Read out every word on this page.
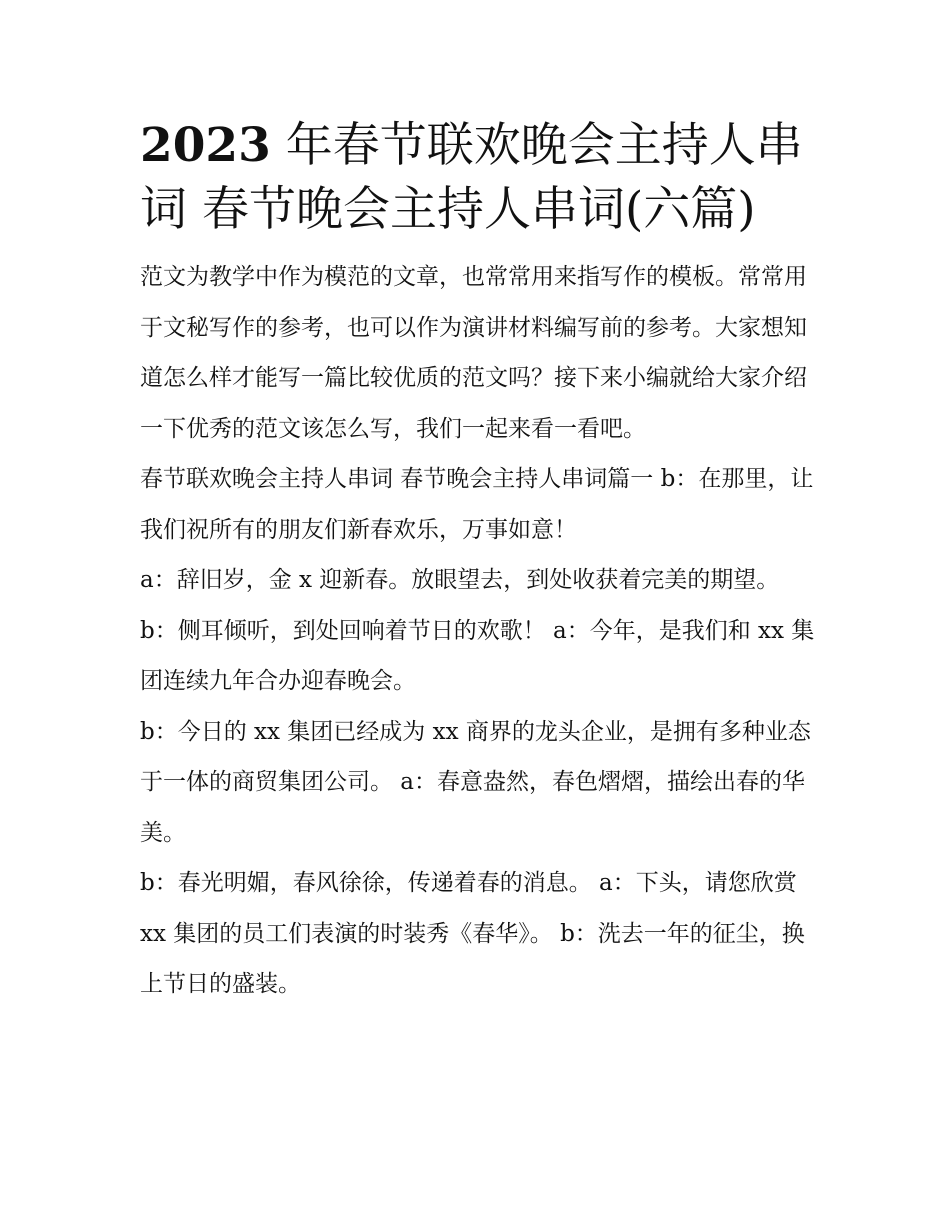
2023 年春节联欢晚会主持人串词 春节晚会主持人串词(六篇)

范文为教学中作为模范的文章，也常常用来指写作的模板。常常用于文秘写作的参考，也可以作为演讲材料编写前的参考。大家想知道怎么样才能写一篇比较优质的范文吗？接下来小编就给大家介绍一下优秀的范文该怎么写，我们一起来看一看吧。

春节联欢晚会主持人串词 春节晚会主持人串词篇一 b：在那里，让我们祝所有的朋友们新春欢乐，万事如意！

a：辞旧岁，金 x 迎新春。放眼望去，到处收获着完美的期望。 b：侧耳倾听，到处回响着节日的欢歌！ a：今年，是我们和 xx 集团连续九年合办迎春晚会。

b：今日的 xx 集团已经成为 xx 商界的龙头企业，是拥有多种业态于一体的商贸集团公司。 a：春意盎然，春色熠熠，描绘出春的华美。

b：春光明媚，春风徐徐，传递着春的消息。 a：下头，请您欣赏 xx 集团的员工们表演的时装秀《春华》。 b：洗去一年的征尘，换上节日的盛装。
